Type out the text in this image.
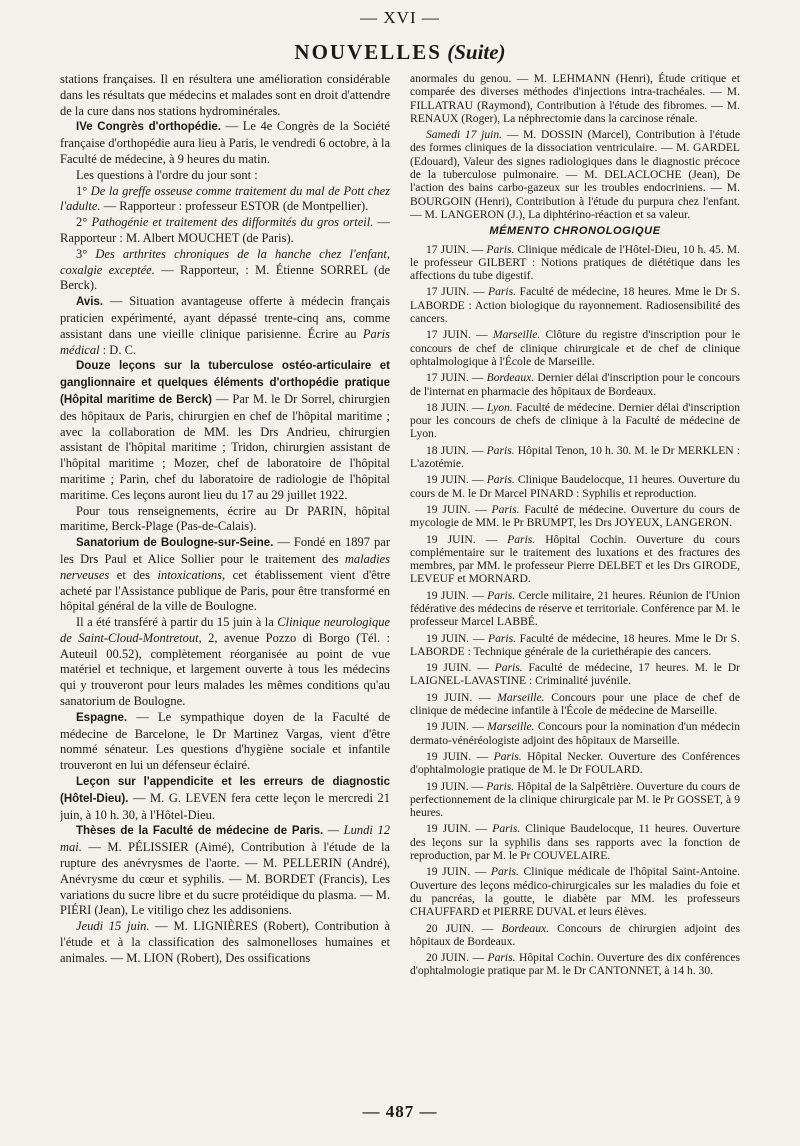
— XVI —
NOUVELLES (Suite)

stations françaises. Il en résultera une amélioration considérable dans les résultats que médecins et malades sont en droit d'attendre de la cure dans nos stations hydrominérales.

IVe Congrès d'orthopédie. — Le 4e Congrès de la Société française d'orthopédie aura lieu à Paris, le vendredi 6 octobre, à la Faculté de médecine, à 9 heures du matin.

Les questions à l'ordre du jour sont :

1° De la greffe osseuse comme traitement du mal de Pott chez l'adulte. — Rapporteur : professeur ESTOR (de Montpellier).

2° Pathogénie et traitement des difformités du gros orteil. — Rapporteur : M. Albert MOUCHET (de Paris).

3° Des arthrites chroniques de la hanche chez l'enfant, coxalgie exceptée. — Rapporteur, : M. Étienne SORREL (de Berck).

Avis. — Situation avantageuse offerte à médecin français praticien expérimenté, ayant dépassé trente-cinq ans, comme assistant dans une vieille clinique parisienne. Écrire au Paris médical : D. C.

Douze leçons sur la tuberculose ostéo-articulaire et ganglionnaire et quelques éléments d'orthopédie pratique (Hôpital maritime de Berck) — Par M. le Dr Sorrel, chirurgien des hôpitaux de Paris, chirurgien en chef de l'hôpital maritime ; avec la collaboration de MM. les Drs Andrieu, chirurgien assistant de l'hôpital maritime ; Tridon, chirurgien assistant de l'hôpital maritime ; Mozer, chef de laboratoire de l'hôpital maritime ; Parin, chef du laboratoire de radiologie de l'hôpital maritime. Ces leçons auront lieu du 17 au 29 juillet 1922.

Pour tous renseignements, écrire au Dr PARIN, hôpital maritime, Berck-Plage (Pas-de-Calais).

Sanatorium de Boulogne-sur-Seine. — Fondé en 1897 par les Drs Paul et Alice Sollier pour le traitement des maladies nerveuses et des intoxications, cet établissement vient d'être acheté par l'Assistance publique de Paris, pour être transformé en hôpital général de la ville de Boulogne.

Il a été transféré à partir du 15 juin à la Clinique neurologique de Saint-Cloud-Montretout, 2, avenue Pozzo di Borgo (Tél. : Auteuil 00.52), complètement réorganisée au point de vue matériel et technique, et largement ouverte à tous les médecins qui y trouveront pour leurs malades les mêmes conditions qu'au sanatorium de Boulogne.

Espagne. — Le sympathique doyen de la Faculté de médecine de Barcelone, le Dr Martinez Vargas, vient d'être nommé sénateur. Les questions d'hygiène sociale et infantile trouveront en lui un défenseur éclairé.

Leçon sur l'appendicite et les erreurs de diagnostic (Hôtel-Dieu). — M. G. LEVEN fera cette leçon le mercredi 21 juin, à 10 h. 30, à l'Hôtel-Dieu.

Thèses de la Faculté de médecine de Paris. — Lundi 12 mai. — M. PÉLISSIER (Aimé), Contribution à l'étude de la rupture des anévrysmes de l'aorte. — M. PELLERIN (André), Anévrysme du cœur et syphilis. — M. BORDET (Francis), Les variations du sucre libre et du sucre protéidique du plasma. — M. PIÉRI (Jean), Le vitiligo chez les addisoniens.

Jeudi 15 juin. — M. LIGNIÈRES (Robert), Contribution à l'étude et à la classification des salmonelloses humaines et animales. — M. LION (Robert), Des ossifications

anormales du genou. — M. LEHMANN (Henri), Étude critique et comparée des diverses méthodes d'injections intra-trachéales. — M. FILLATRAU (Raymond), Contribution à l'étude des fibromes. — M. RENAUX (Roger), La néphrectomie dans la carcinose rénale.

Samedi 17 juin. — M. DOSSIN (Marcel), Contribution à l'étude des formes cliniques de la dissociation ventriculaire. — M. GARDEL (Edouard), Valeur des signes radiologiques dans le diagnostic précoce de la tuberculose pulmonaire. — M. DELACLOCHE (Jean), De l'action des bains carbo-gazeux sur les troubles endocriniens. — M. BOURGOIN (Henri), Contribution à l'étude du purpura chez l'enfant. — M. LANGERON (J.), La diphtérino-réaction et sa valeur.

MÉMENTO CHRONOLOGIQUE

17 JUIN. — Paris. Clinique médicale de l'Hôtel-Dieu, 10 h. 45. M. le professeur GILBERT : Notions pratiques de diététique dans les affections du tube digestif.

17 JUIN. — Paris. Faculté de médecine, 18 heures. Mme le Dr S. LABORDE : Action biologique du rayonnement. Radiosensibilité des cancers.

17 JUIN. — Marseille. Clôture du registre d'inscription pour le concours de chef de clinique chirurgicale et de chef de clinique ophtalmologique à l'École de Marseille.

17 JUIN. — Bordeaux. Dernier délai d'inscription pour le concours de l'internat en pharmacie des hôpitaux de Bordeaux.

18 JUIN. — Lyon. Faculté de médecine. Dernier délai d'inscription pour les concours de chefs de clinique à la Faculté de médecine de Lyon.

18 JUIN. — Paris. Hôpital Tenon, 10 h. 30. M. le Dr MERKLEN : L'azotémie.

19 JUIN. — Paris. Clinique Baudelocque, 11 heures. Ouverture du cours de M. le Dr Marcel PINARD : Syphilis et reproduction.

19 JUIN. — Paris. Faculté de médecine. Ouverture du cours de mycologie de MM. le Pr BRUMPT, les Drs JOYEUX, LANGERON.

19 JUIN. — Paris. Hôpital Cochin. Ouverture du cours complémentaire sur le traitement des luxations et des fractures des membres, par MM. le professeur Pierre DELBET et les Drs GIRODE, LEVEUF et MORNARD.

19 JUIN. — Paris. Cercle militaire, 21 heures. Réunion de l'Union fédérative des médecins de réserve et territoriale. Conférence par M. le professeur Marcel LABBÉ.

19 JUIN. — Paris. Faculté de médecine, 18 heures. Mme le Dr S. LABORDE : Technique générale de la curiethérapie des cancers.

19 JUIN. — Paris. Faculté de médecine, 17 heures. M. le Dr LAIGNEL-LAVASTINE : Criminalité juvénile.

19 JUIN. — Marseille. Concours pour une place de chef de clinique de médecine infantile à l'École de médecine de Marseille.

19 JUIN. — Marseille. Concours pour la nomination d'un médecin dermato-vénéréologiste adjoint des hôpitaux de Marseille.

19 JUIN. — Paris. Hôpital Necker. Ouverture des Conférences d'ophtalmologie pratique de M. le Dr FOULARD.

19 JUIN. — Paris. Hôpital de la Salpêtrière. Ouverture du cours de perfectionnement de la clinique chirurgicale par M. le Pr GOSSET, à 9 heures.

19 JUIN. — Paris. Clinique Baudelocque, 11 heures. Ouverture des leçons sur la syphilis dans ses rapports avec la fonction de reproduction, par M. le Pr COUVELAIRE.

19 JUIN. — Paris. Clinique médicale de l'hôpital Saint-Antoine. Ouverture des leçons médico-chirurgicales sur les maladies du foie et du pancréas, la goutte, le diabète par MM. les professeurs CHAUFFARD et PIERRE DUVAL et leurs élèves.

20 JUIN. — Bordeaux. Concours de chirurgien adjoint des hôpitaux de Bordeaux.

20 JUIN. — Paris. Hôpital Cochin. Ouverture des dix conférences d'ophtalmologie pratique par M. le Dr CANTONNET, à 14 h. 30.

— 487 —
